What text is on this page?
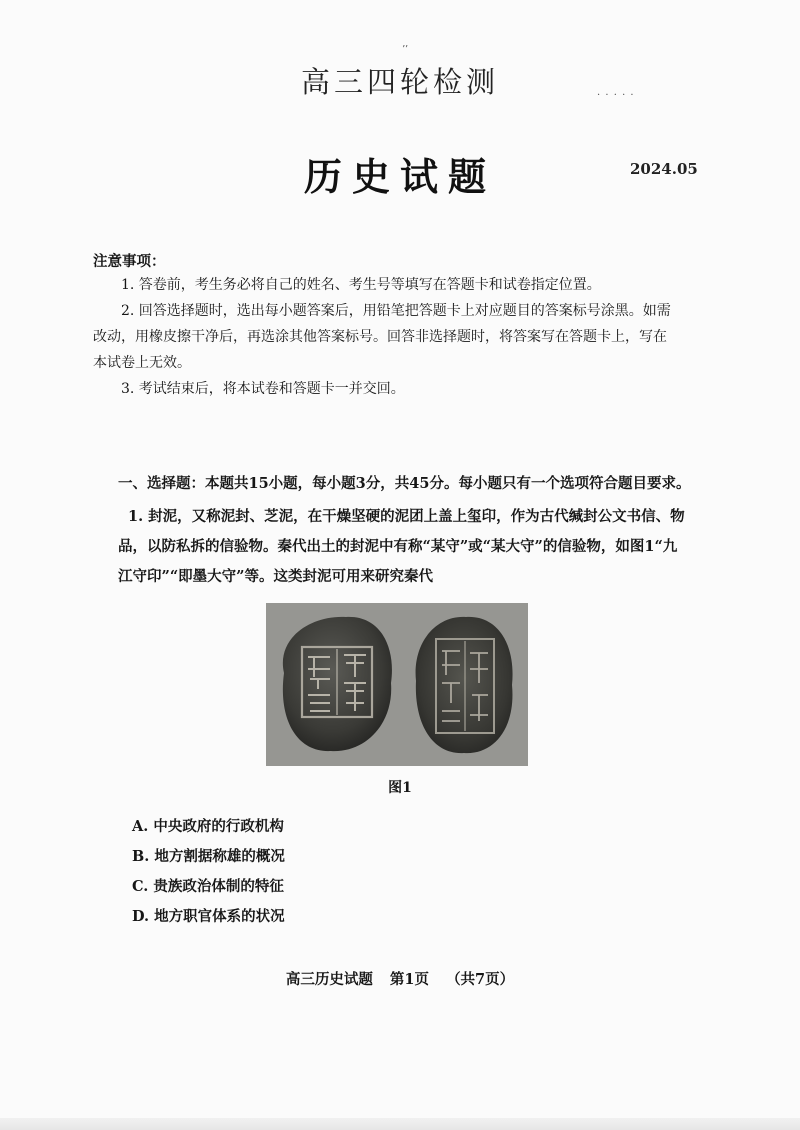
ʼʼ
高三四轮检测	· · · · ·
历史试题	2024.05
注意事项：

1. 答卷前，考生务必将自己的姓名、考生号等填写在答题卡和试卷指定位置。

2. 回答选择题时，选出每小题答案后，用铅笔把答题卡上对应题目的答案标号涂黑。如需改动，用橡皮擦干净后，再选涂其他答案标号。回答非选择题时，将答案写在答题卡上，写在本试卷上无效。

3. 考试结束后，将本试卷和答题卡一并交回。

一、选择题：本题共15小题，每小题3分，共45分。每小题只有一个选项符合题目要求。

1. 封泥，又称泥封、芝泥，在干燥坚硬的泥团上盖上玺印，作为古代缄封公文书信、物品，以防私拆的信验物。秦代出土的封泥中有称“某守”或“某大守”的信验物，如图1“九江守印”“即墨大守”等。这类封泥可用来研究秦代

图1
A. 中央政府的行政机构
B. 地方割据称雄的概况
C. 贵族政治体制的特征
D. 地方职官体系的状况
高三历史试题 第1页 （共7页）
